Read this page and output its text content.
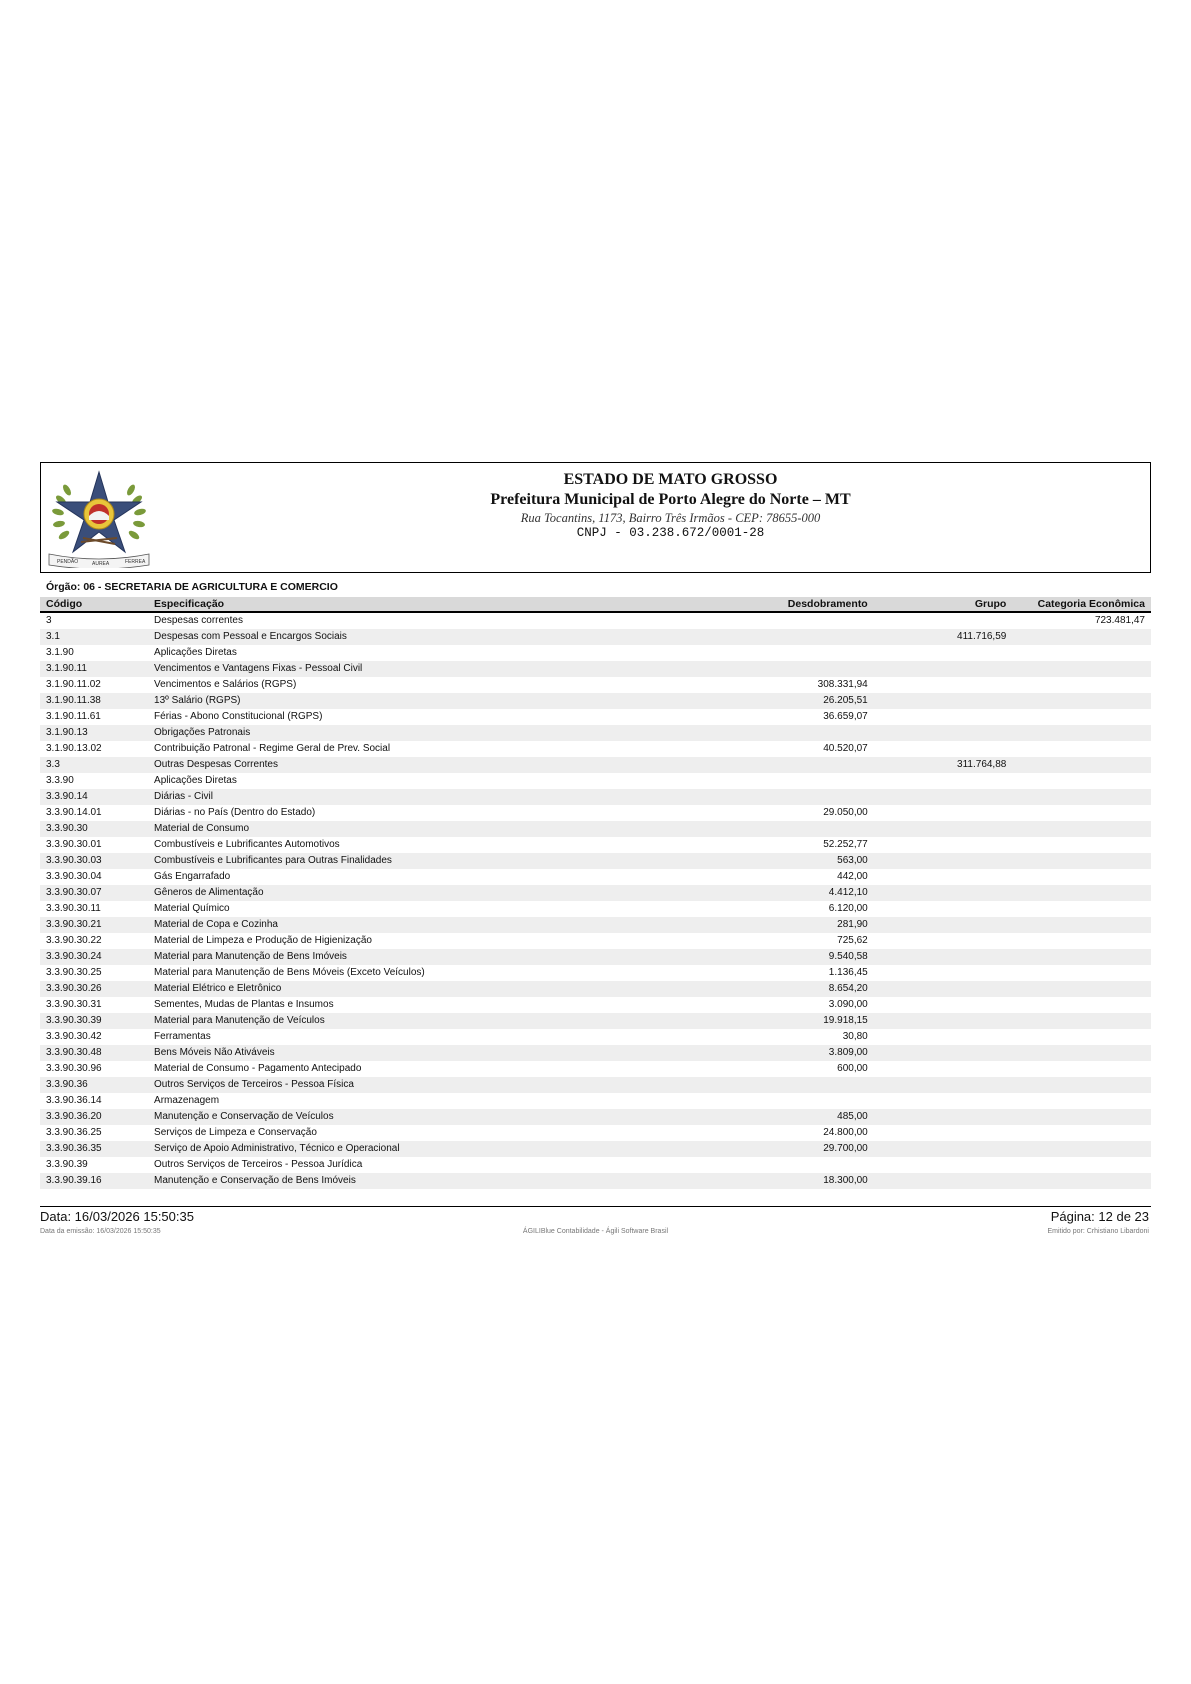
PENDÃO	AUREA	FERREA
ESTADO DE MATO GROSSO
Prefeitura Municipal de Porto Alegre do Norte – MT
Rua Tocantins, 1173, Bairro Três Irmãos - CEP: 78655-000
CNPJ - 03.238.672/0001-28
Órgão: 06 - SECRETARIA DE AGRICULTURA E COMERCIO
Código	Especificação	Desdobramento	Grupo	Categoria Econômica
3	Despesas correntes			723.481,47
3.1	Despesas com Pessoal e Encargos Sociais		411.716,59	
3.1.90	Aplicações Diretas			
3.1.90.11	Vencimentos e Vantagens Fixas - Pessoal Civil			
3.1.90.11.02	Vencimentos e Salários (RGPS)	308.331,94		
3.1.90.11.38	13º Salário (RGPS)	26.205,51		
3.1.90.11.61	Férias - Abono Constitucional (RGPS)	36.659,07		
3.1.90.13	Obrigações Patronais			
3.1.90.13.02	Contribuição Patronal - Regime Geral de Prev. Social	40.520,07		
3.3	Outras Despesas Correntes		311.764,88	
3.3.90	Aplicações Diretas			
3.3.90.14	Diárias - Civil			
3.3.90.14.01	Diárias - no País (Dentro do Estado)	29.050,00		
3.3.90.30	Material de Consumo			
3.3.90.30.01	Combustíveis e Lubrificantes Automotivos	52.252,77		
3.3.90.30.03	Combustíveis e Lubrificantes para Outras Finalidades	563,00		
3.3.90.30.04	Gás Engarrafado	442,00		
3.3.90.30.07	Gêneros de Alimentação	4.412,10		
3.3.90.30.11	Material Químico	6.120,00		
3.3.90.30.21	Material de Copa e Cozinha	281,90		
3.3.90.30.22	Material de Limpeza e Produção de Higienização	725,62		
3.3.90.30.24	Material para Manutenção de Bens Imóveis	9.540,58		
3.3.90.30.25	Material para Manutenção de Bens Móveis (Exceto Veículos)	1.136,45		
3.3.90.30.26	Material Elétrico e Eletrônico	8.654,20		
3.3.90.30.31	Sementes, Mudas de Plantas e Insumos	3.090,00		
3.3.90.30.39	Material para Manutenção de Veículos	19.918,15		
3.3.90.30.42	Ferramentas	30,80		
3.3.90.30.48	Bens Móveis Não Ativáveis	3.809,00		
3.3.90.30.96	Material de Consumo - Pagamento Antecipado	600,00		
3.3.90.36	Outros Serviços de Terceiros - Pessoa Física			
3.3.90.36.14	Armazenagem			
3.3.90.36.20	Manutenção e Conservação de Veículos	485,00		
3.3.90.36.25	Serviços de Limpeza e Conservação	24.800,00		
3.3.90.36.35	Serviço de Apoio Administrativo, Técnico e Operacional	29.700,00		
3.3.90.39	Outros Serviços de Terceiros - Pessoa Jurídica			
3.3.90.39.16	Manutenção e Conservação de Bens Imóveis	18.300,00		
Data: 16/03/2026 15:50:35	Página: 12 de 23
Data da emissão: 16/03/2026 15:50:35	ÁGILIBlue Contabilidade - Ágili Software Brasil	Emitido por: Crhistiano Libardoni
